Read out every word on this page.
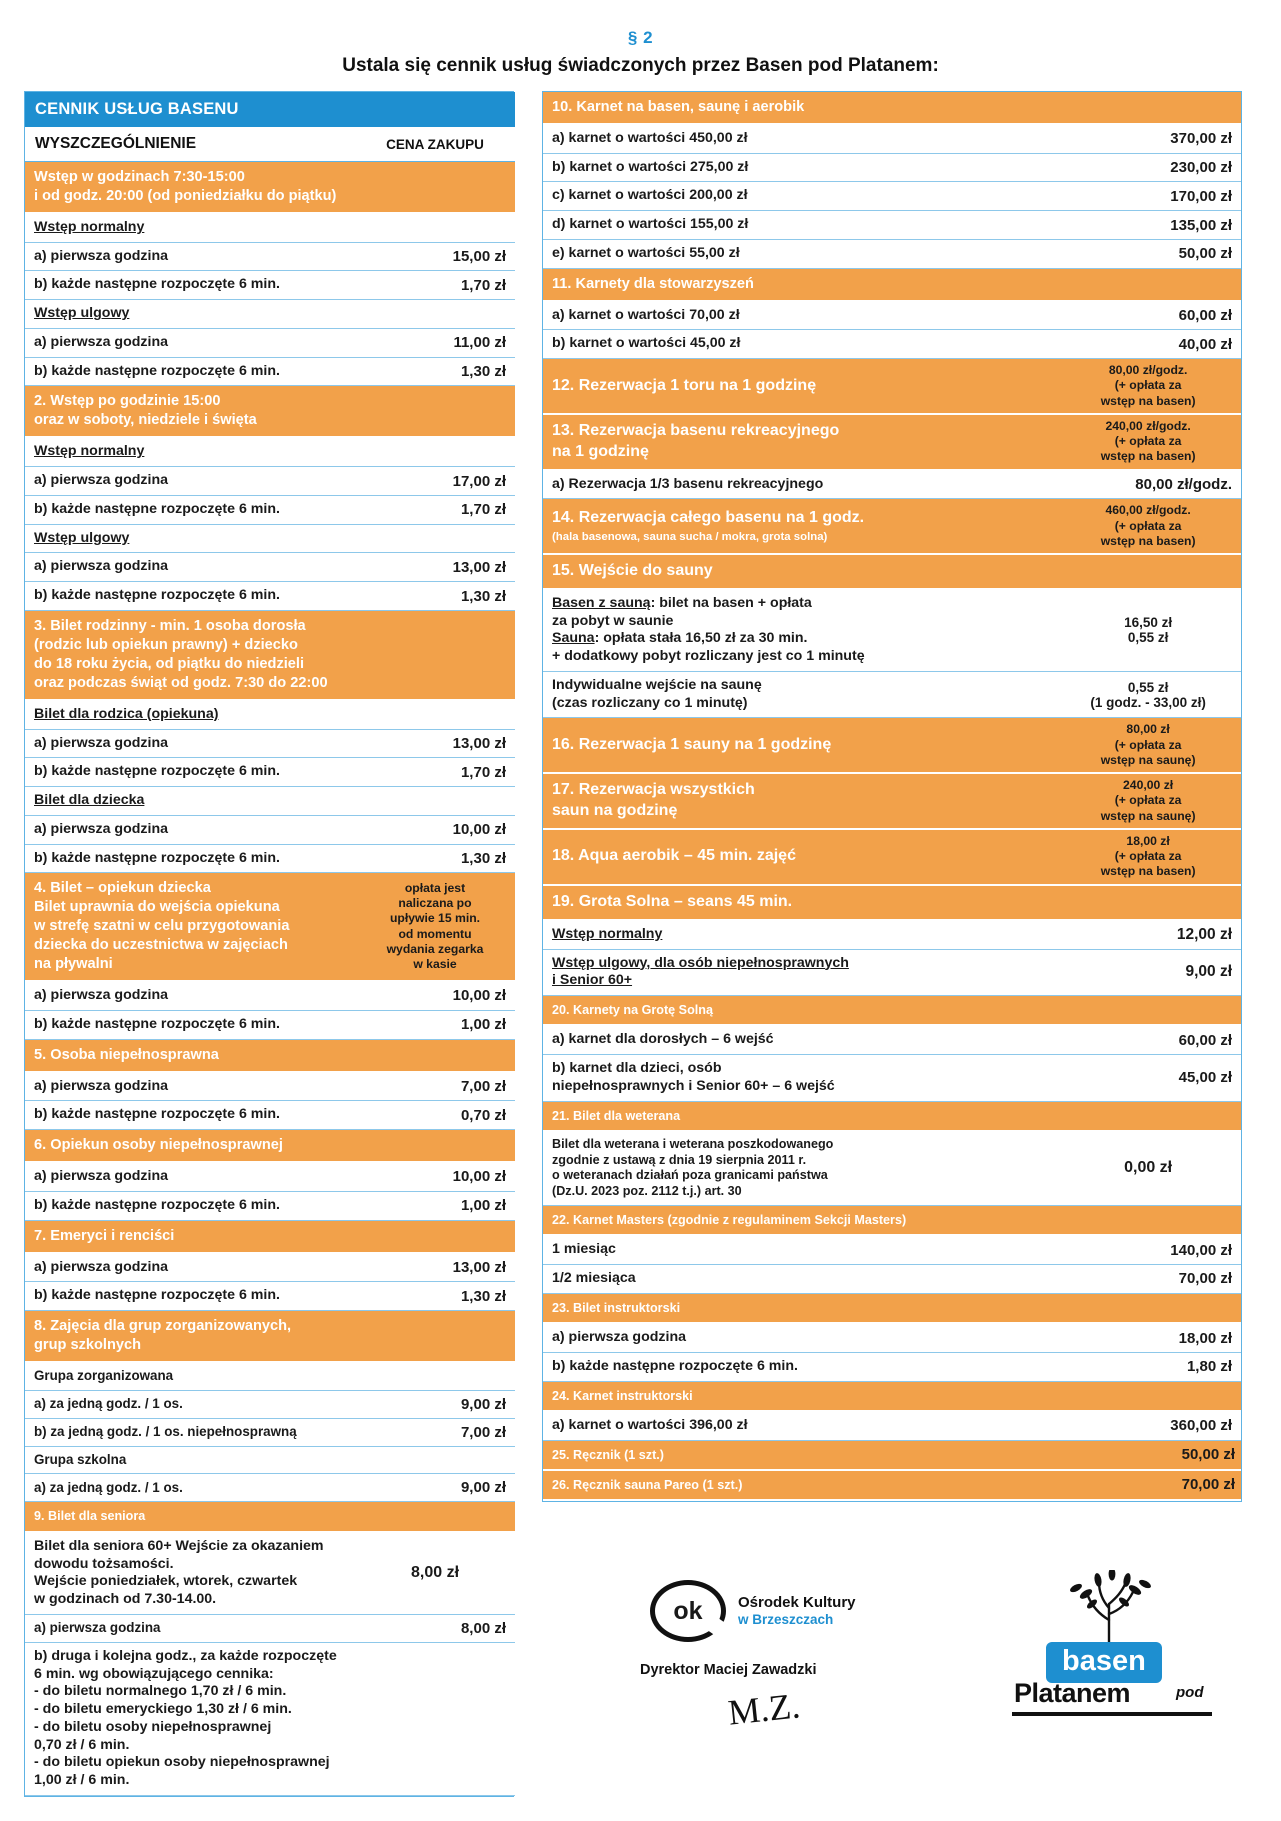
§ 2
Ustala się cennik usług świadczonych przez Basen pod Platanem:
CENNIK USŁUG BASENU	
WYSZCZEGÓLNIENIE	CENA ZAKUPU
Wstęp w godzinach 7:30-15:00
i od godz. 20:00 (od poniedziałku do piątku)	
Wstęp normalny	
a) pierwsza godzina	15,00 zł
b) każde następne rozpoczęte 6 min.	1,70 zł
Wstęp ulgowy	
a) pierwsza godzina	11,00 zł
b) każde następne rozpoczęte 6 min.	1,30 zł
2. Wstęp po godzinie 15:00
oraz w soboty, niedziele i święta	
Wstęp normalny	
a) pierwsza godzina	17,00 zł
b) każde następne rozpoczęte 6 min.	1,70 zł
Wstęp ulgowy	
a) pierwsza godzina	13,00 zł
b) każde następne rozpoczęte 6 min.	1,30 zł
3. Bilet rodzinny - min. 1 osoba dorosła
(rodzic lub opiekun prawny) + dziecko
do 18 roku życia, od piątku do niedzieli
oraz podczas świąt od godz. 7:30 do 22:00	
Bilet dla rodzica (opiekuna)	
a) pierwsza godzina	13,00 zł
b) każde następne rozpoczęte 6 min.	1,70 zł
Bilet dla dziecka	
a) pierwsza godzina	10,00 zł
b) każde następne rozpoczęte 6 min.	1,30 zł
4. Bilet – opiekun dziecka
Bilet uprawnia do wejścia opiekuna
w strefę szatni w celu przygotowania
dziecka do uczestnictwa w zajęciach
na pływalni	opłata jest
naliczana po
upływie 15 min.
od momentu
wydania zegarka
w kasie
a) pierwsza godzina	10,00 zł
b) każde następne rozpoczęte 6 min.	1,00 zł
5. Osoba niepełnosprawna	
a) pierwsza godzina	7,00 zł
b) każde następne rozpoczęte 6 min.	0,70 zł
6. Opiekun osoby niepełnosprawnej	
a) pierwsza godzina	10,00 zł
b) każde następne rozpoczęte 6 min.	1,00 zł
7. Emeryci i renciści	
a) pierwsza godzina	13,00 zł
b) każde następne rozpoczęte 6 min.	1,30 zł
8. Zajęcia dla grup zorganizowanych,
grup szkolnych	
Grupa zorganizowana	
a) za jedną godz. / 1 os.	9,00 zł
b) za jedną godz. / 1 os. niepełnosprawną	7,00 zł
Grupa szkolna	
a) za jedną godz. / 1 os.	9,00 zł
9. Bilet dla seniora	
Bilet dla seniora 60+ Wejście za okazaniem
dowodu tożsamości.
Wejście poniedziałek, wtorek, czwartek
w godzinach od 7.30-14.00.	8,00 zł
a) pierwsza godzina	8,00 zł
b) druga i kolejna godz., za każde rozpoczęte
6 min. wg obowiązującego cennika:
- do biletu normalnego 1,70 zł / 6 min.
- do biletu emeryckiego 1,30 zł / 6 min.
- do biletu osoby niepełnosprawnej
0,70 zł / 6 min.
- do biletu opiekun osoby niepełnosprawnej
1,00 zł / 6 min.	
10. Karnet na basen, saunę i aerobik	
a) karnet o wartości 450,00 zł	370,00 zł
b) karnet o wartości 275,00 zł	230,00 zł
c) karnet o wartości 200,00 zł	170,00 zł
d) karnet o wartości 155,00 zł	135,00 zł
e) karnet o wartości 55,00 zł	50,00 zł
11. Karnety dla stowarzyszeń	
a) karnet o wartości 70,00 zł	60,00 zł
b) karnet o wartości 45,00 zł	40,00 zł
12. Rezerwacja 1 toru na 1 godzinę	80,00 zł/godz.
(+ opłata za
wstęp na basen)
13. Rezerwacja basenu rekreacyjnego
na 1 godzinę	240,00 zł/godz.
(+ opłata za
wstęp na basen)
a) Rezerwacja 1/3 basenu rekreacyjnego	80,00 zł/godz.
14. Rezerwacja całego basenu na 1 godz.
(hala basenowa, sauna sucha / mokra, grota solna)	460,00 zł/godz.
(+ opłata za
wstęp na basen)
15. Wejście do sauny	
Basen z sauną: bilet na basen + opłata
za pobyt w saunie
Sauna: opłata stała 16,50 zł za 30 min.
+ dodatkowy pobyt rozliczany jest co 1 minutę	16,50 zł
0,55 zł
Indywidualne wejście na saunę
(czas rozliczany co 1 minutę)	0,55 zł
(1 godz. - 33,00 zł)
16. Rezerwacja 1 sauny na 1 godzinę	80,00 zł
(+ opłata za
wstęp na saunę)
17. Rezerwacja wszystkich
saun na godzinę	240,00 zł
(+ opłata za
wstęp na saunę)
18. Aqua aerobik – 45 min. zajęć	18,00 zł
(+ opłata za
wstęp na basen)
19. Grota Solna – seans 45 min.	
Wstęp normalny	12,00 zł
Wstęp ulgowy, dla osób niepełnosprawnych
i Senior 60+	9,00 zł
20. Karnety na Grotę Solną	
a) karnet dla dorosłych – 6 wejść	60,00 zł
b) karnet dla dzieci, osób
niepełnosprawnych i Senior 60+ – 6 wejść	45,00 zł
21. Bilet dla weterana	
Bilet dla weterana i weterana poszkodowanego
zgodnie z ustawą z dnia 19 sierpnia 2011 r.
o weteranach działań poza granicami państwa
(Dz.U. 2023 poz. 2112 t.j.) art. 30	0,00 zł
22. Karnet Masters (zgodnie z regulaminem Sekcji Masters)	
1 miesiąc	140,00 zł
1/2 miesiąca	70,00 zł
23. Bilet instruktorski	
a) pierwsza godzina	18,00 zł
b) każde następne rozpoczęte 6 min.	1,80 zł
24. Karnet instruktorski	
a) karnet o wartości 396,00 zł	360,00 zł
25. Ręcznik (1 szt.)	50,00 zł
26. Ręcznik sauna Pareo (1 szt.)	70,00 zł
ok	Ośrodek Kultury
w Brzeszczach
Dyrektor Maciej Zawadzki
M.Z.
basen
Platanem	pod
